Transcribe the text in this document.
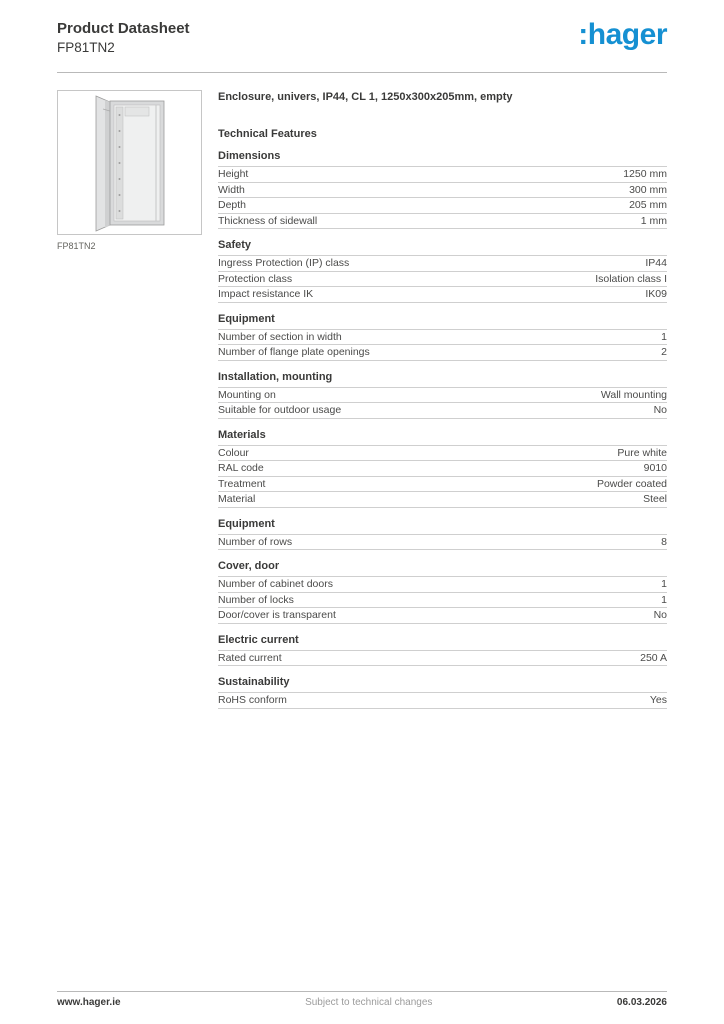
Product Datasheet
FP81TN2	:hager
FP81TN2
Enclosure, univers, IP44, CL 1, 1250x300x205mm, empty
Technical Features
Dimensions
Height	1250 mm
Width	300 mm
Depth	205 mm
Thickness of sidewall	1 mm
Safety
Ingress Protection (IP) class	IP44
Protection class	Isolation class I
Impact resistance IK	IK09
Equipment
Number of section in width	1
Number of flange plate openings	2
Installation, mounting
Mounting on	Wall mounting
Suitable for outdoor usage	No
Materials
Colour	Pure white
RAL code	9010
Treatment	Powder coated
Material	Steel
Equipment
Number of rows	8
Cover, door
Number of cabinet doors	1
Number of locks	1
Door/cover is transparent	No
Electric current
Rated current	250 A
Sustainability
RoHS conform	Yes
www.hager.ie	Subject to technical changes	06.03.2026
